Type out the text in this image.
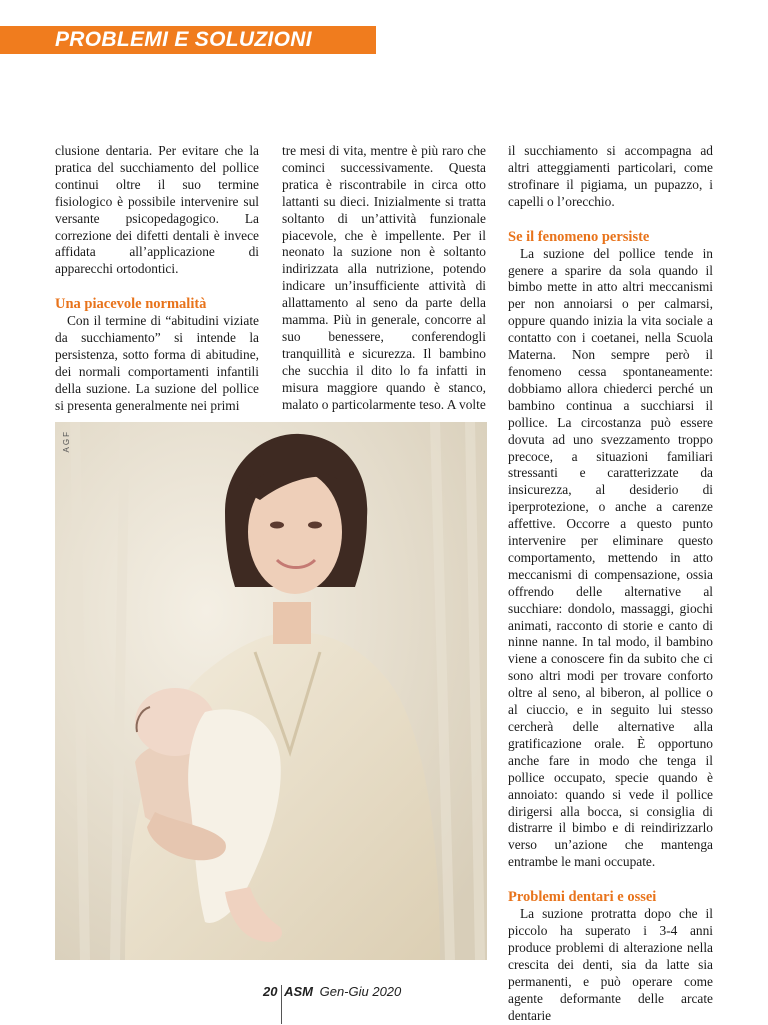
PROBLEMI E SOLUZIONI

clusione dentaria. Per evitare che la pratica del succhiamento del pollice continui oltre il suo termine fisiologico è possibile intervenire sul versante psicopedagogico. La correzione dei difetti dentali è invece affidata all’applicazione di apparecchi ortodontici.

Una piacevole normalità

Con il termine di “abitudini viziate da succhiamento” si intende la persistenza, sotto forma di abitudine, dei normali comportamenti infantili della suzione. La suzione del pollice si presenta generalmente nei primi

tre mesi di vita, mentre è più raro che cominci successivamente. Questa pratica è riscontrabile in circa otto lattanti su dieci. Inizialmente si tratta soltanto di un’attività funzionale piacevole, che è impellente. Per il neonato la suzione non è soltanto indirizzata alla nutrizione, potendo indicare un’insufficiente attività di allattamento al seno da parte della mamma. Più in generale, concorre al suo benessere, conferendogli tranquillità e sicurezza. Il bambino che succhia il dito lo fa infatti in misura maggiore quando è stanco, malato o particolarmente teso. A volte

il succhiamento si accompagna ad altri atteggiamenti particolari, come strofinare il pigiama, un pupazzo, i capelli o l’orecchio.

Se il fenomeno persiste

La suzione del pollice tende in genere a sparire da sola quando il bimbo mette in atto altri meccanismi per non annoiarsi o per calmarsi, oppure quando inizia la vita sociale a contatto con i coetanei, nella Scuola Materna. Non sempre però il fenomeno cessa spontaneamente: dobbiamo allora chiederci perché un bambino continua a succhiarsi il pollice. La circostanza può essere dovuta ad uno svezzamento troppo precoce, a situazioni familiari stressanti e caratterizzate da insicurezza, al desiderio di iperprotezione, o anche a carenze affettive. Occorre a questo punto intervenire per eliminare questo comportamento, mettendo in atto meccanismi di compensazione, ossia offrendo delle alternative al succhiare: dondolo, massaggi, giochi animati, racconto di storie e canto di ninne nanne. In tal modo, il bambino viene a conoscere fin da subito che ci sono altri modi per trovare conforto oltre al seno, al biberon, al pollice o al ciuccio, e in seguito lui stesso cercherà delle alternative alla gratificazione orale. È opportuno anche fare in modo che tenga il pollice occupato, specie quando è annoiato: quando si vede il pollice dirigersi alla bocca, si consiglia di distrarre il bimbo e di reindirizzarlo verso un’azione che mantenga entrambe le mani occupate.

Problemi dentari e ossei

La suzione protratta dopo che il piccolo ha superato i 3-4 anni produce problemi di alterazione nella crescita dei denti, sia da latte sia permanenti, e può operare come agente deformante delle arcate dentarie

AGF
20 ASM Gen-Giu 2020
